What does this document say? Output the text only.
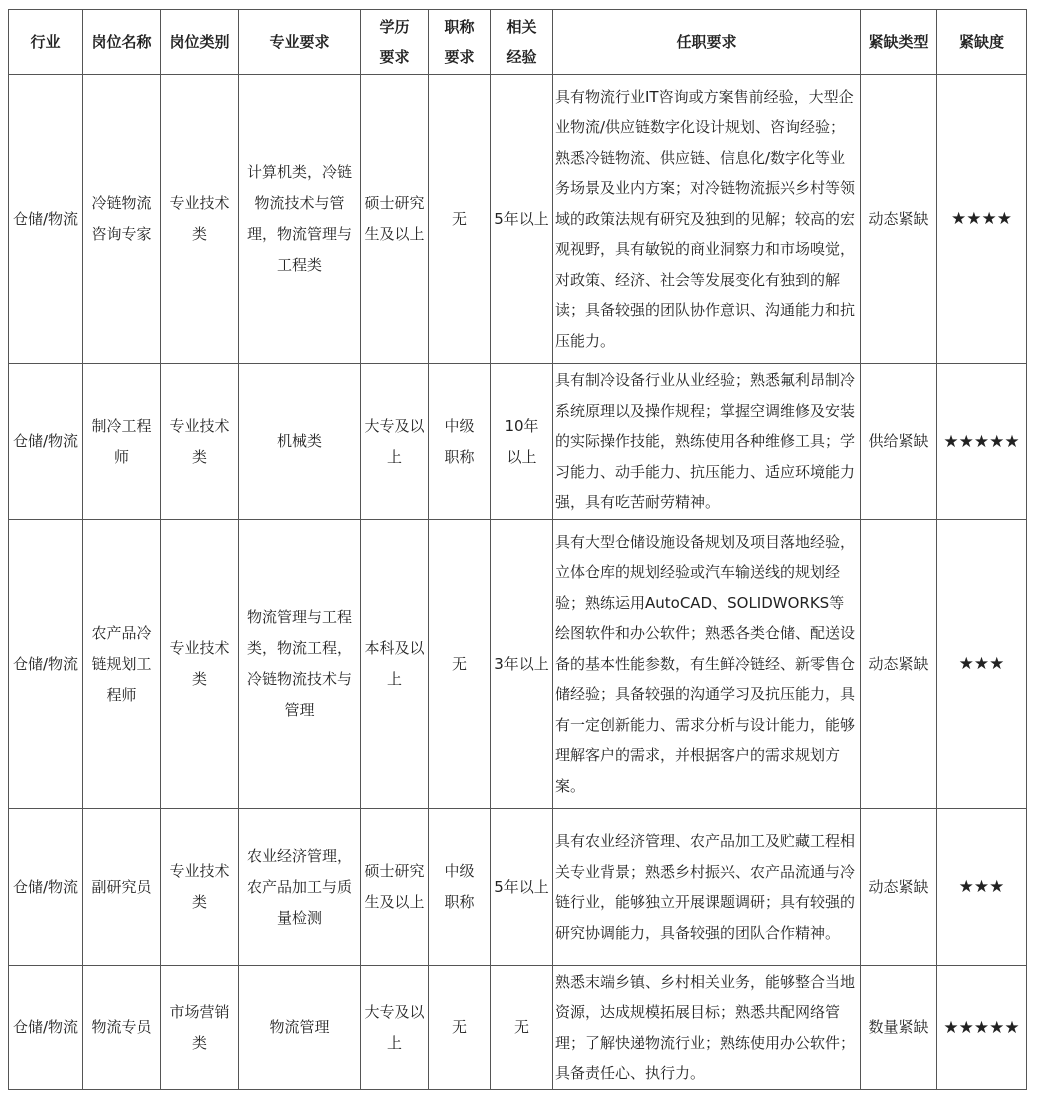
行业	岗位名称	岗位类别	专业要求	学历要求	职称要求	相关经验	任职要求	紧缺类型	紧缺度
仓储/物流	冷链物流咨询专家	专业技术类	计算机类，冷链物流技术与管理，物流管理与工程类	硕士研究生及以上	无	5年以上	具有物流行业IT咨询或方案售前经验，大型企业物流/供应链数字化设计规划、咨询经验；熟悉冷链物流、供应链、信息化/数字化等业务场景及业内方案；对冷链物流振兴乡村等领域的政策法规有研究及独到的见解；较高的宏观视野，具有敏锐的商业洞察力和市场嗅觉，对政策、经济、社会等发展变化有独到的解读；具备较强的团队协作意识、沟通能力和抗压能力。	动态紧缺	★★★★
仓储/物流	制冷工程师	专业技术类	机械类	大专及以上	中级职称	10年以上	具有制冷设备行业从业经验；熟悉氟利昂制冷系统原理以及操作规程；掌握空调维修及安装的实际操作技能，熟练使用各种维修工具；学习能力、动手能力、抗压能力、适应环境能力强，具有吃苦耐劳精神。	供给紧缺	★★★★★
仓储/物流	农产品冷链规划工程师	专业技术类	物流管理与工程类，物流工程，冷链物流技术与管理	本科及以上	无	3年以上	具有大型仓储设施设备规划及项目落地经验，立体仓库的规划经验或汽车输送线的规划经验；熟练运用AutoCAD、SOLIDWORKS等绘图软件和办公软件；熟悉各类仓储、配送设备的基本性能参数，有生鲜冷链经、新零售仓储经验；具备较强的沟通学习及抗压能力，具有一定创新能力、需求分析与设计能力，能够理解客户的需求，并根据客户的需求规划方案。	动态紧缺	★★★
仓储/物流	副研究员	专业技术类	农业经济管理，农产品加工与质量检测	硕士研究生及以上	中级职称	5年以上	具有农业经济管理、农产品加工及贮藏工程相关专业背景；熟悉乡村振兴、农产品流通与冷链行业，能够独立开展课题调研；具有较强的研究协调能力，具备较强的团队合作精神。	动态紧缺	★★★
仓储/物流	物流专员	市场营销类	物流管理	大专及以上	无	无	熟悉末端乡镇、乡村相关业务，能够整合当地资源，达成规模拓展目标；熟悉共配网络管理；了解快递物流行业；熟练使用办公软件；具备责任心、执行力。	数量紧缺	★★★★★
